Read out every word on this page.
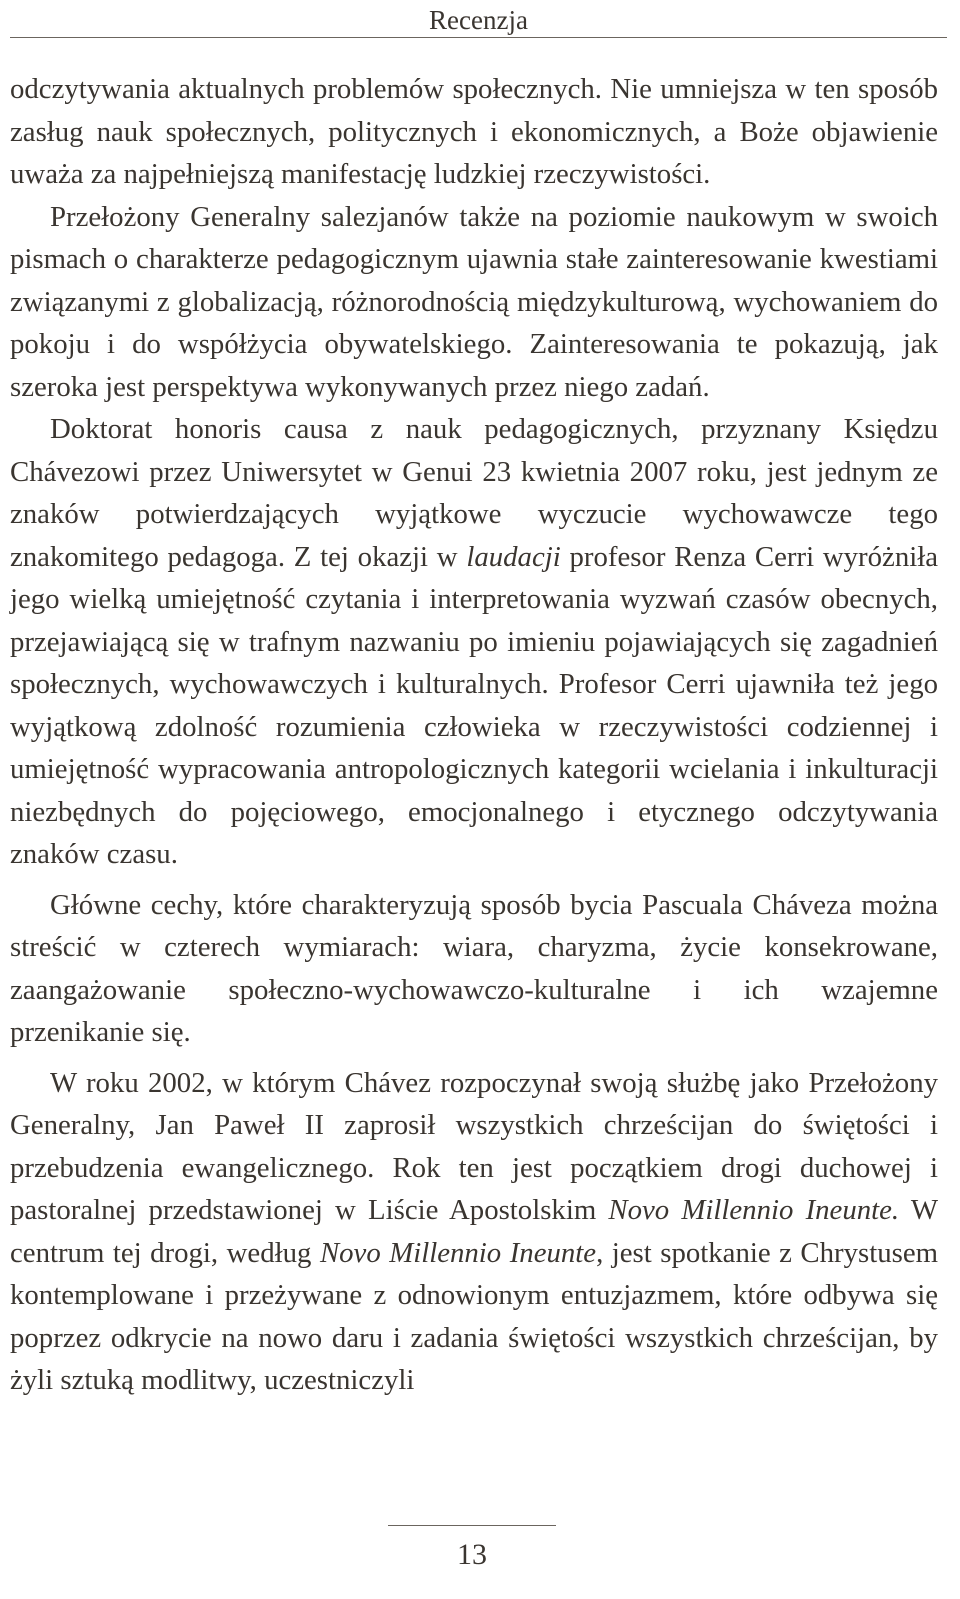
Recenzja

odczytywania aktualnych problemów społecznych. Nie umniejsza w ten sposób zasług nauk społecznych, politycznych i ekonomicznych, a Boże objawienie uważa za najpełniejszą manifestację ludzkiej rzeczywistości.

Przełożony Generalny salezjanów także na poziomie naukowym w swoich pismach o charakterze pedagogicznym ujawnia stałe zainteresowanie kwestiami związanymi z globalizacją, różnorodnością międzykulturową, wychowaniem do pokoju i do współżycia obywatelskiego. Zainteresowania te pokazują, jak szeroka jest perspektywa wykonywanych przez niego zadań.

Doktorat honoris causa z nauk pedagogicznych, przyznany Księdzu Chávezowi przez Uniwersytet w Genui 23 kwietnia 2007 roku, jest jednym ze znaków potwierdzających wyjątkowe wyczucie wychowawcze tego znakomitego pedagoga. Z tej okazji w laudacji profesor Renza Cerri wyróżniła jego wielką umiejętność czytania i interpretowania wyzwań czasów obecnych, przejawiającą się w trafnym nazwaniu po imieniu pojawiających się zagadnień społecznych, wychowawczych i kulturalnych. Profesor Cerri ujawniła też jego wyjątkową zdolność rozumienia człowieka w rzeczywistości codziennej i umiejętność wypracowania antropologicznych kategorii wcielania i inkulturacji niezbędnych do pojęciowego, emocjonalnego i etycznego odczytywania znaków czasu.

Główne cechy, które charakteryzują sposób bycia Pascuala Cháveza można streścić w czterech wymiarach: wiara, charyzma, życie konsekrowane, zaangażowanie społeczno-wychowawczo-kulturalne i ich wzajemne przenikanie się.

W roku 2002, w którym Chávez rozpoczynał swoją służbę jako Przełożony Generalny, Jan Paweł II zaprosił wszystkich chrześcijan do świętości i przebudzenia ewangelicznego. Rok ten jest początkiem drogi duchowej i pastoralnej przedstawionej w Liście Apostolskim Novo Millennio Ineunte. W centrum tej drogi, według Novo Millennio Ineunte, jest spotkanie z Chrystusem kontemplowane i przeżywane z odnowionym entuzjazmem, które odbywa się poprzez odkrycie na nowo daru i zadania świętości wszystkich chrześcijan, by żyli sztuką modlitwy, uczestniczyli

13
